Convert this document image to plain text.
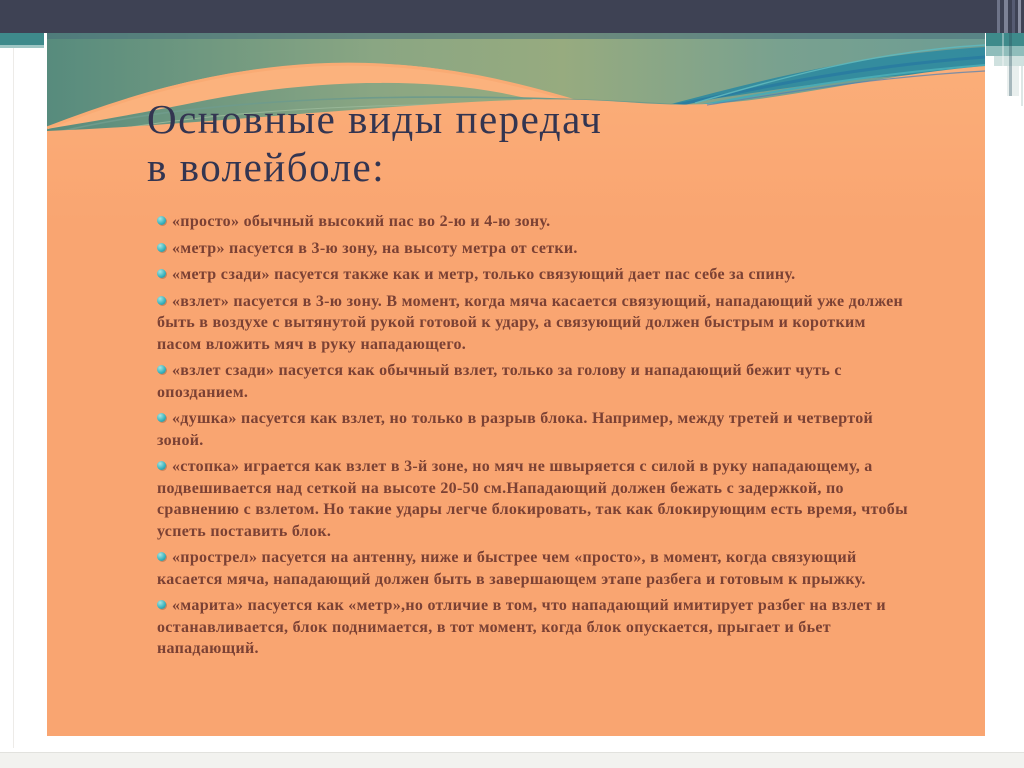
Основные виды передач
в волейболе:
«просто» обычный высокий пас во 2-ю и 4-ю зону.
«метр» пасуется в 3-ю зону, на высоту метра от сетки.
«метр сзади» пасуется также как и метр, только связующий дает пас себе за спину.
«взлет» пасуется в 3-ю зону. В момент, когда мяча касается связующий, нападающий уже должен быть в воздухе с вытянутой рукой готовой к удару, а связующий должен быстрым и коротким пасом вложить мяч в руку нападающего.
«взлет сзади» пасуется как обычный взлет, только за голову и нападающий бежит чуть с опозданием.
«душка» пасуется как взлет, но только в разрыв блока. Например, между третей и четвертой зоной.
«стопка» играется как взлет в 3-й зоне, но мяч не швыряется с силой в руку нападающему, а подвешивается над сеткой на высоте 20-50 см.Нападающий должен бежать с задержкой, по сравнению с взлетом. Но такие удары легче блокировать, так как блокирующим есть время, чтобы успеть поставить блок.
«прострел» пасуется на антенну, ниже и быстрее чем «просто», в момент, когда связующий касается мяча, нападающий должен быть в завершающем этапе разбега и готовым к прыжку.
«марита» пасуется как «метр»,но отличие в том, что нападающий имитирует разбег на взлет и останавливается, блок поднимается, в тот момент, когда блок опускается, прыгает и бьет нападающий.
